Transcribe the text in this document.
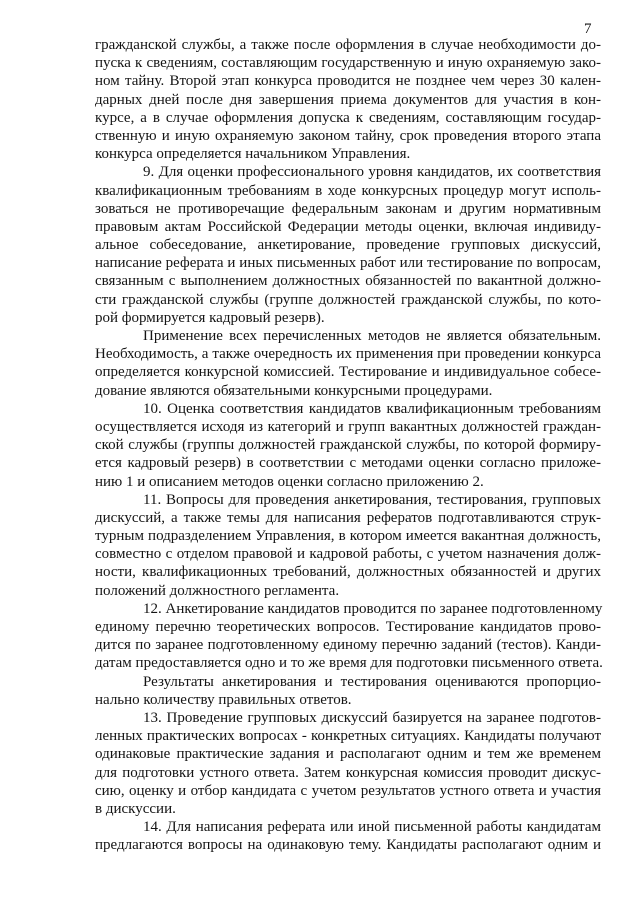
7
гражданской службы, а также после оформления в случае необходимости до-
пуска к сведениям, составляющим государственную и иную охраняемую зако-
ном тайну. Второй этап конкурса проводится не позднее чем через 30 кален-
дарных дней после дня завершения приема документов для участия в кон-
курсе, а в случае оформления допуска к сведениям, составляющим государ-
ственную и иную охраняемую законом тайну, срок проведения второго этапа
конкурса определяется начальником Управления.
9. Для оценки профессионального уровня кандидатов, их соответствия
квалификационным требованиям в ходе конкурсных процедур могут исполь-
зоваться не противоречащие федеральным законам и другим нормативным
правовым актам Российской Федерации методы оценки, включая индивиду-
альное собеседование, анкетирование, проведение групповых дискуссий,
написание реферата и иных письменных работ или тестирование по вопросам,
связанным с выполнением должностных обязанностей по вакантной должно-
сти гражданской службы (группе должностей гражданской службы, по кото-
рой формируется кадровый резерв).
Применение всех перечисленных методов не является обязательным.
Необходимость, а также очередность их применения при проведении конкурса
определяется конкурсной комиссией. Тестирование и индивидуальное собесе-
дование являются обязательными конкурсными процедурами.
10. Оценка соответствия кандидатов квалификационным требованиям
осуществляется исходя из категорий и групп вакантных должностей граждан-
ской службы (группы должностей гражданской службы, по которой формиру-
ется кадровый резерв) в соответствии с методами оценки согласно приложе-
нию 1 и описанием методов оценки согласно приложению 2.
11. Вопросы для проведения анкетирования, тестирования, групповых
дискуссий, а также темы для написания рефератов подготавливаются струк-
турным подразделением Управления, в котором имеется вакантная должность,
совместно с отделом правовой и кадровой работы, с учетом назначения долж-
ности, квалификационных требований, должностных обязанностей и других
положений должностного регламента.
12. Анкетирование кандидатов проводится по заранее подготовленному
единому перечню теоретических вопросов. Тестирование кандидатов прово-
дится по заранее подготовленному единому перечню заданий (тестов). Канди-
датам предоставляется одно и то же время для подготовки письменного ответа.
Результаты анкетирования и тестирования оцениваются пропорцио-
нально количеству правильных ответов.
13. Проведение групповых дискуссий базируется на заранее подготов-
ленных практических вопросах - конкретных ситуациях. Кандидаты получают
одинаковые практические задания и располагают одним и тем же временем
для подготовки устного ответа. Затем конкурсная комиссия проводит дискус-
сию, оценку и отбор кандидата с учетом результатов устного ответа и участия
в дискуссии.
14. Для написания реферата или иной письменной работы кандидатам
предлагаются вопросы на одинаковую тему. Кандидаты располагают одним и
